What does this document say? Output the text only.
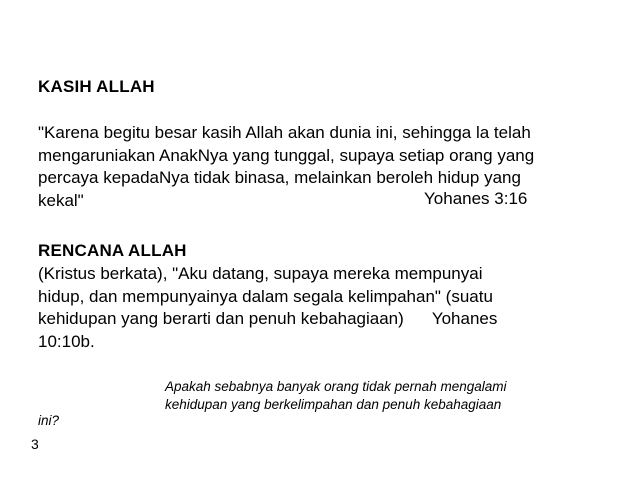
KASIH ALLAH
"Karena begitu besar kasih Allah akan dunia ini, sehingga la telah
mengaruniakan AnakNya yang tunggal, supaya setiap orang yang
percaya kepadaNya tidak binasa, melainkan beroleh hidup yang
kekal"	Yohanes 3:16
RENCANA ALLAH
(Kristus berkata), "Aku datang, supaya mereka mempunyai
hidup, dan mempunyainya dalam segala kelimpahan" (suatu
kehidupan yang berarti dan penuh kebahagiaan)      Yohanes
10:10b.
Apakah sebabnya banyak orang tidak pernah mengalami
kehidupan yang berkelimpahan dan penuh kebahagiaan
ini?
3
